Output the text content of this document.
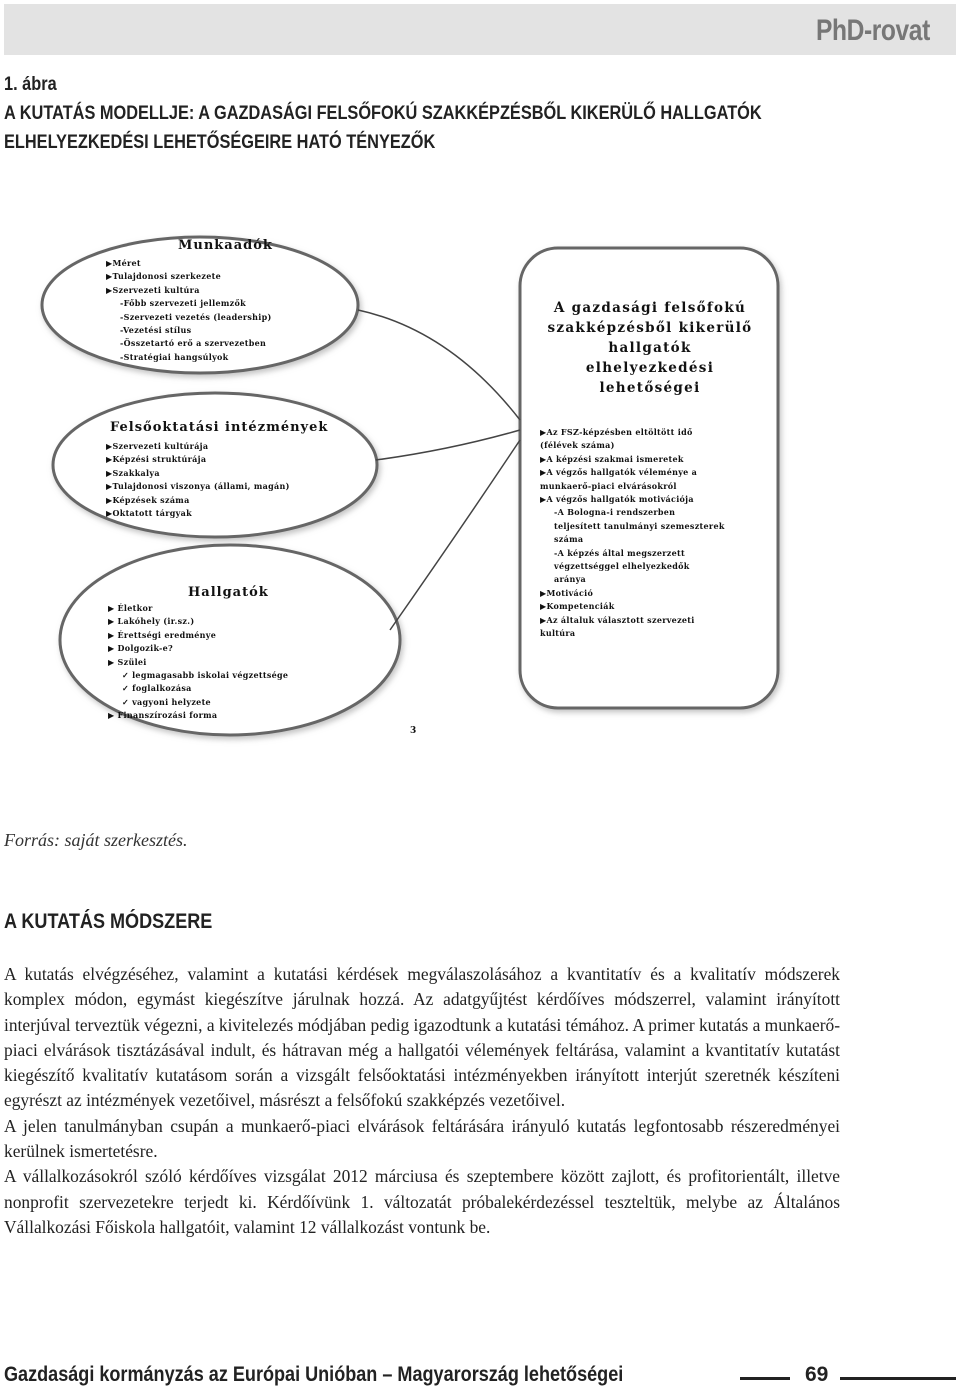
PhD-rovat
1. ábra
A KUTATÁS MODELLJE: A GAZDASÁGI FELSŐFOKÚ SZAKKÉPZÉSBŐL KIKERÜLŐ HALLGATÓK
ELHELYEZKEDÉSI LEHETŐSÉGEIRE HATÓ TÉNYEZŐK
Munkaadók
▶Méret
▶Tulajdonosi szerkezete
▶Szervezeti kultúra
-Főbb szervezeti jellemzők
-Szervezeti vezetés (leadership)
-Vezetési stílus
-Összetartó erő a szervezetben
-Stratégiai hangsúlyok
Felsőoktatási intézmények
▶Szervezeti kultúrája
▶Képzési struktúrája
▶Szakkalya
▶Tulajdonosi viszonya (állami, magán)
▶Képzések száma
▶Oktatott tárgyak
Hallgatók
▶ Életkor
▶ Lakóhely (ir.sz.)
▶ Érettségi eredménye
▶ Dolgozik-e?
▶ Szülei
✓ legmagasabb iskolai végzettsége
✓ foglalkozása
✓ vagyoni helyzete
▶ Finanszírozási forma
A gazdasági felsőfokú
szakképzésből kikerülő
hallgatók
elhelyezkedési
lehetőségei
▶Az FSZ-képzésben eltöltött idő
(félévek száma)
▶A képzési szakmai ismeretek
▶A végzős hallgatók véleménye a
munkaerő-piaci elvárásokról
▶A végzős hallgatók motivációja
-A Bologna-i rendszerben
teljesített tanulmányi szemeszterek
száma
-A képzés által megszerzett
végzettséggel elhelyezkedők
aránya
▶Motiváció
▶Kompetenciák
▶Az általuk választott szervezeti
kultúra
3
Forrás: saját szerkesztés.
A KUTATÁS MÓDSZERE

A kutatás elvégzéséhez, valamint a kutatási kérdések megválaszolásához a kvantitatív és a kvalitatív módszerek komplex módon, egymást kiegészítve járulnak hozzá. Az adatgyűjtést kérdőíves módszerrel, valamint irányított interjúval terveztük végezni, a kivitelezés módjában pedig igazodtunk a kutatási témához. A primer kutatás a munkaerő-piaci elvárások tisztázásával indult, és hátravan még a hallgatói vélemények feltárása, valamint a kvantitatív kutatást kiegészítő kvalitatív kutatásom során a vizsgált felsőoktatási intézményekben irányított interjút szeretnék készíteni egyrészt az intézmények vezetőivel, másrészt a felsőfokú szakképzés vezetőivel.

A jelen tanulmányban csupán a munkaerő-piaci elvárások feltárására irányuló kutatás legfontosabb részeredményei kerülnek ismertetésre.

A vállalkozásokról szóló kérdőíves vizsgálat 2012 márciusa és szeptembere között zajlott, és profitorientált, illetve nonprofit szervezetekre terjedt ki. Kérdőívünk 1. változatát próbalekérdezéssel teszteltük, melybe az Általános Vállalkozási Főiskola hallgatóit, valamint 12 vállalkozást vontunk be.

Gazdasági kormányzás az Európai Unióban – Magyarország lehetőségei	69
